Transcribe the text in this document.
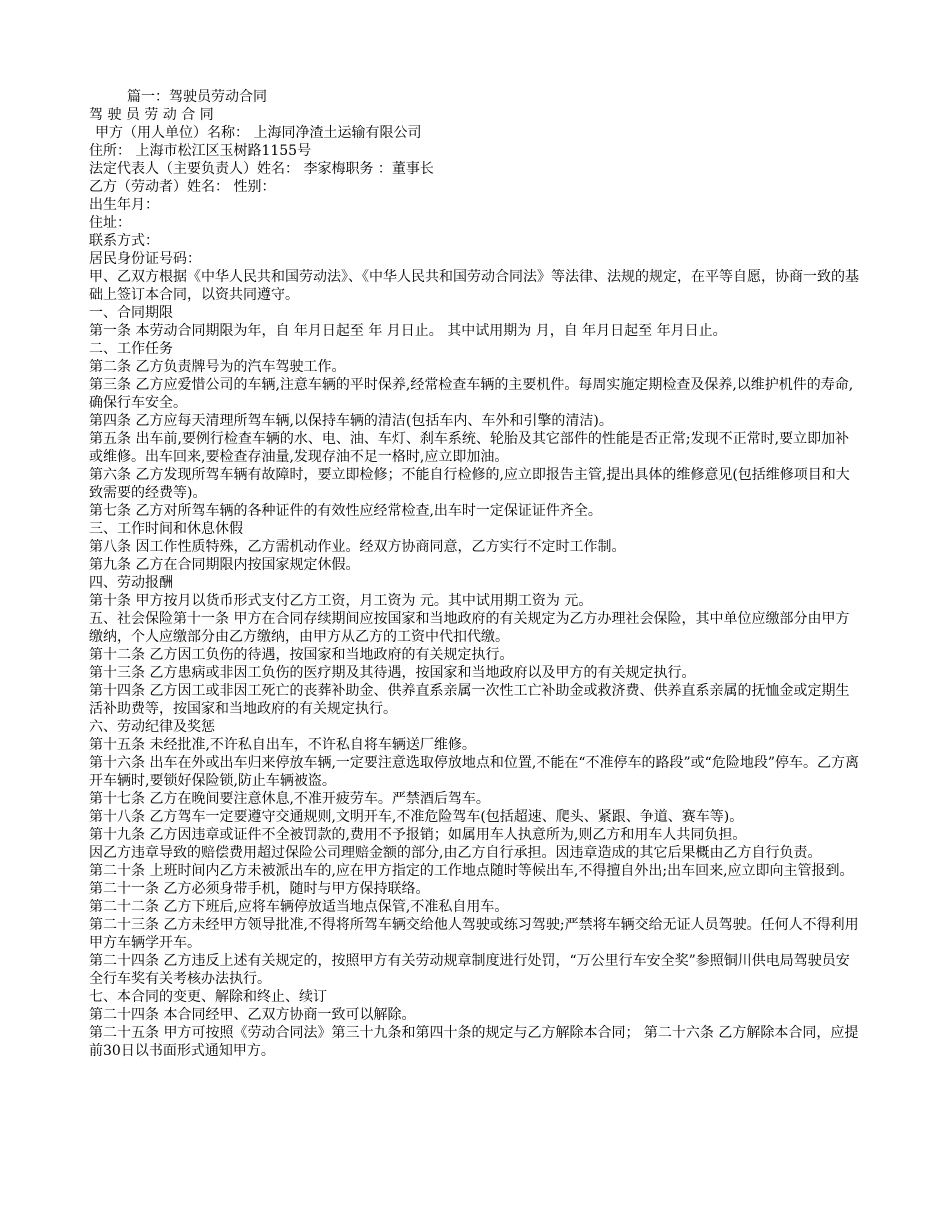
篇一：驾驶员劳动合同
驾 驶 员 劳 动 合 同
甲方（用人单位）名称： 上海同净渣土运输有限公司
住所： 上海市松江区玉树路1155号
法定代表人（主要负责人）姓名： 李家梅职务 ：董事长
乙方（劳动者）姓名： 性别：
出生年月：
住址：
联系方式：
居民身份证号码：
甲、乙双方根据《中华人民共和国劳动法》、《中华人民共和国劳动合同法》等法律、法规的规定，在平等自愿，协商一致的基础上签订本合同，以资共同遵守。
一、合同期限
第一条 本劳动合同期限为年，自 年月日起至 年 月日止。 其中试用期为 月，自 年月日起至 年月日止。
二、工作任务
第二条 乙方负责牌号为的汽车驾驶工作。
第三条 乙方应爱惜公司的车辆,注意车辆的平时保养,经常检查车辆的主要机件。每周实施定期检查及保养,以维护机件的寿命,确保行车安全。
第四条 乙方应每天清理所驾车辆,以保持车辆的清洁(包括车内、车外和引擎的清洁)。
第五条 出车前,要例行检查车辆的水、电、油、车灯、刹车系统、轮胎及其它部件的性能是否正常;发现不正常时,要立即加补或维修。出车回来,要检查存油量,发现存油不足一格时,应立即加油。
第六条 乙方发现所驾车辆有故障时，要立即检修；不能自行检修的,应立即报告主管,提出具体的维修意见(包括维修项目和大致需要的经费等)。
第七条 乙方对所驾车辆的各种证件的有效性应经常检查,出车时一定保证证件齐全。
三、工作时间和休息休假
第八条 因工作性质特殊，乙方需机动作业。经双方协商同意，乙方实行不定时工作制。
第九条 乙方在合同期限内按国家规定休假。
四、劳动报酬
第十条 甲方按月以货币形式支付乙方工资，月工资为 元。其中试用期工资为 元。
五、社会保险第十一条 甲方在合同存续期间应按国家和当地政府的有关规定为乙方办理社会保险，其中单位应缴部分由甲方缴纳，个人应缴部分由乙方缴纳，由甲方从乙方的工资中代扣代缴。
第十二条 乙方因工负伤的待遇，按国家和当地政府的有关规定执行。
第十三条 乙方患病或非因工负伤的医疗期及其待遇，按国家和当地政府以及甲方的有关规定执行。
第十四条 乙方因工或非因工死亡的丧葬补助金、供养直系亲属一次性工亡补助金或救济费、供养直系亲属的抚恤金或定期生活补助费等，按国家和当地政府的有关规定执行。
六、劳动纪律及奖惩
第十五条 未经批准,不许私自出车，不许私自将车辆送厂维修。
第十六条 出车在外或出车归来停放车辆,一定要注意选取停放地点和位置,不能在“不准停车的路段”或“危险地段”停车。乙方离开车辆时,要锁好保险锁,防止车辆被盗。
第十七条 乙方在晚间要注意休息,不准开疲劳车。严禁酒后驾车。
第十八条 乙方驾车一定要遵守交通规则,文明开车,不准危险驾车(包括超速、爬头、紧跟、争道、赛车等)。
第十九条 乙方因违章或证件不全被罚款的,费用不予报销；如属用车人执意所为,则乙方和用车人共同负担。
因乙方违章导致的赔偿费用超过保险公司理赔金额的部分,由乙方自行承担。因违章造成的其它后果概由乙方自行负责。
第二十条 上班时间内乙方未被派出车的,应在甲方指定的工作地点随时等候出车,不得擅自外出;出车回来,应立即向主管报到。
第二十一条 乙方必须身带手机，随时与甲方保持联络。
第二十二条 乙方下班后,应将车辆停放适当地点保管,不准私自用车。
第二十三条 乙方未经甲方领导批准,不得将所驾车辆交给他人驾驶或练习驾驶;严禁将车辆交给无证人员驾驶。任何人不得利用甲方车辆学开车。
第二十四条 乙方违反上述有关规定的，按照甲方有关劳动规章制度进行处罚，“万公里行车安全奖”参照铜川供电局驾驶员安全行车奖有关考核办法执行。
七、本合同的变更、解除和终止、续订
第二十四条 本合同经甲、乙双方协商一致可以解除。
第二十五条 甲方可按照《劳动合同法》第三十九条和第四十条的规定与乙方解除本合同； 第二十六条 乙方解除本合同，应提前30日以书面形式通知甲方。
